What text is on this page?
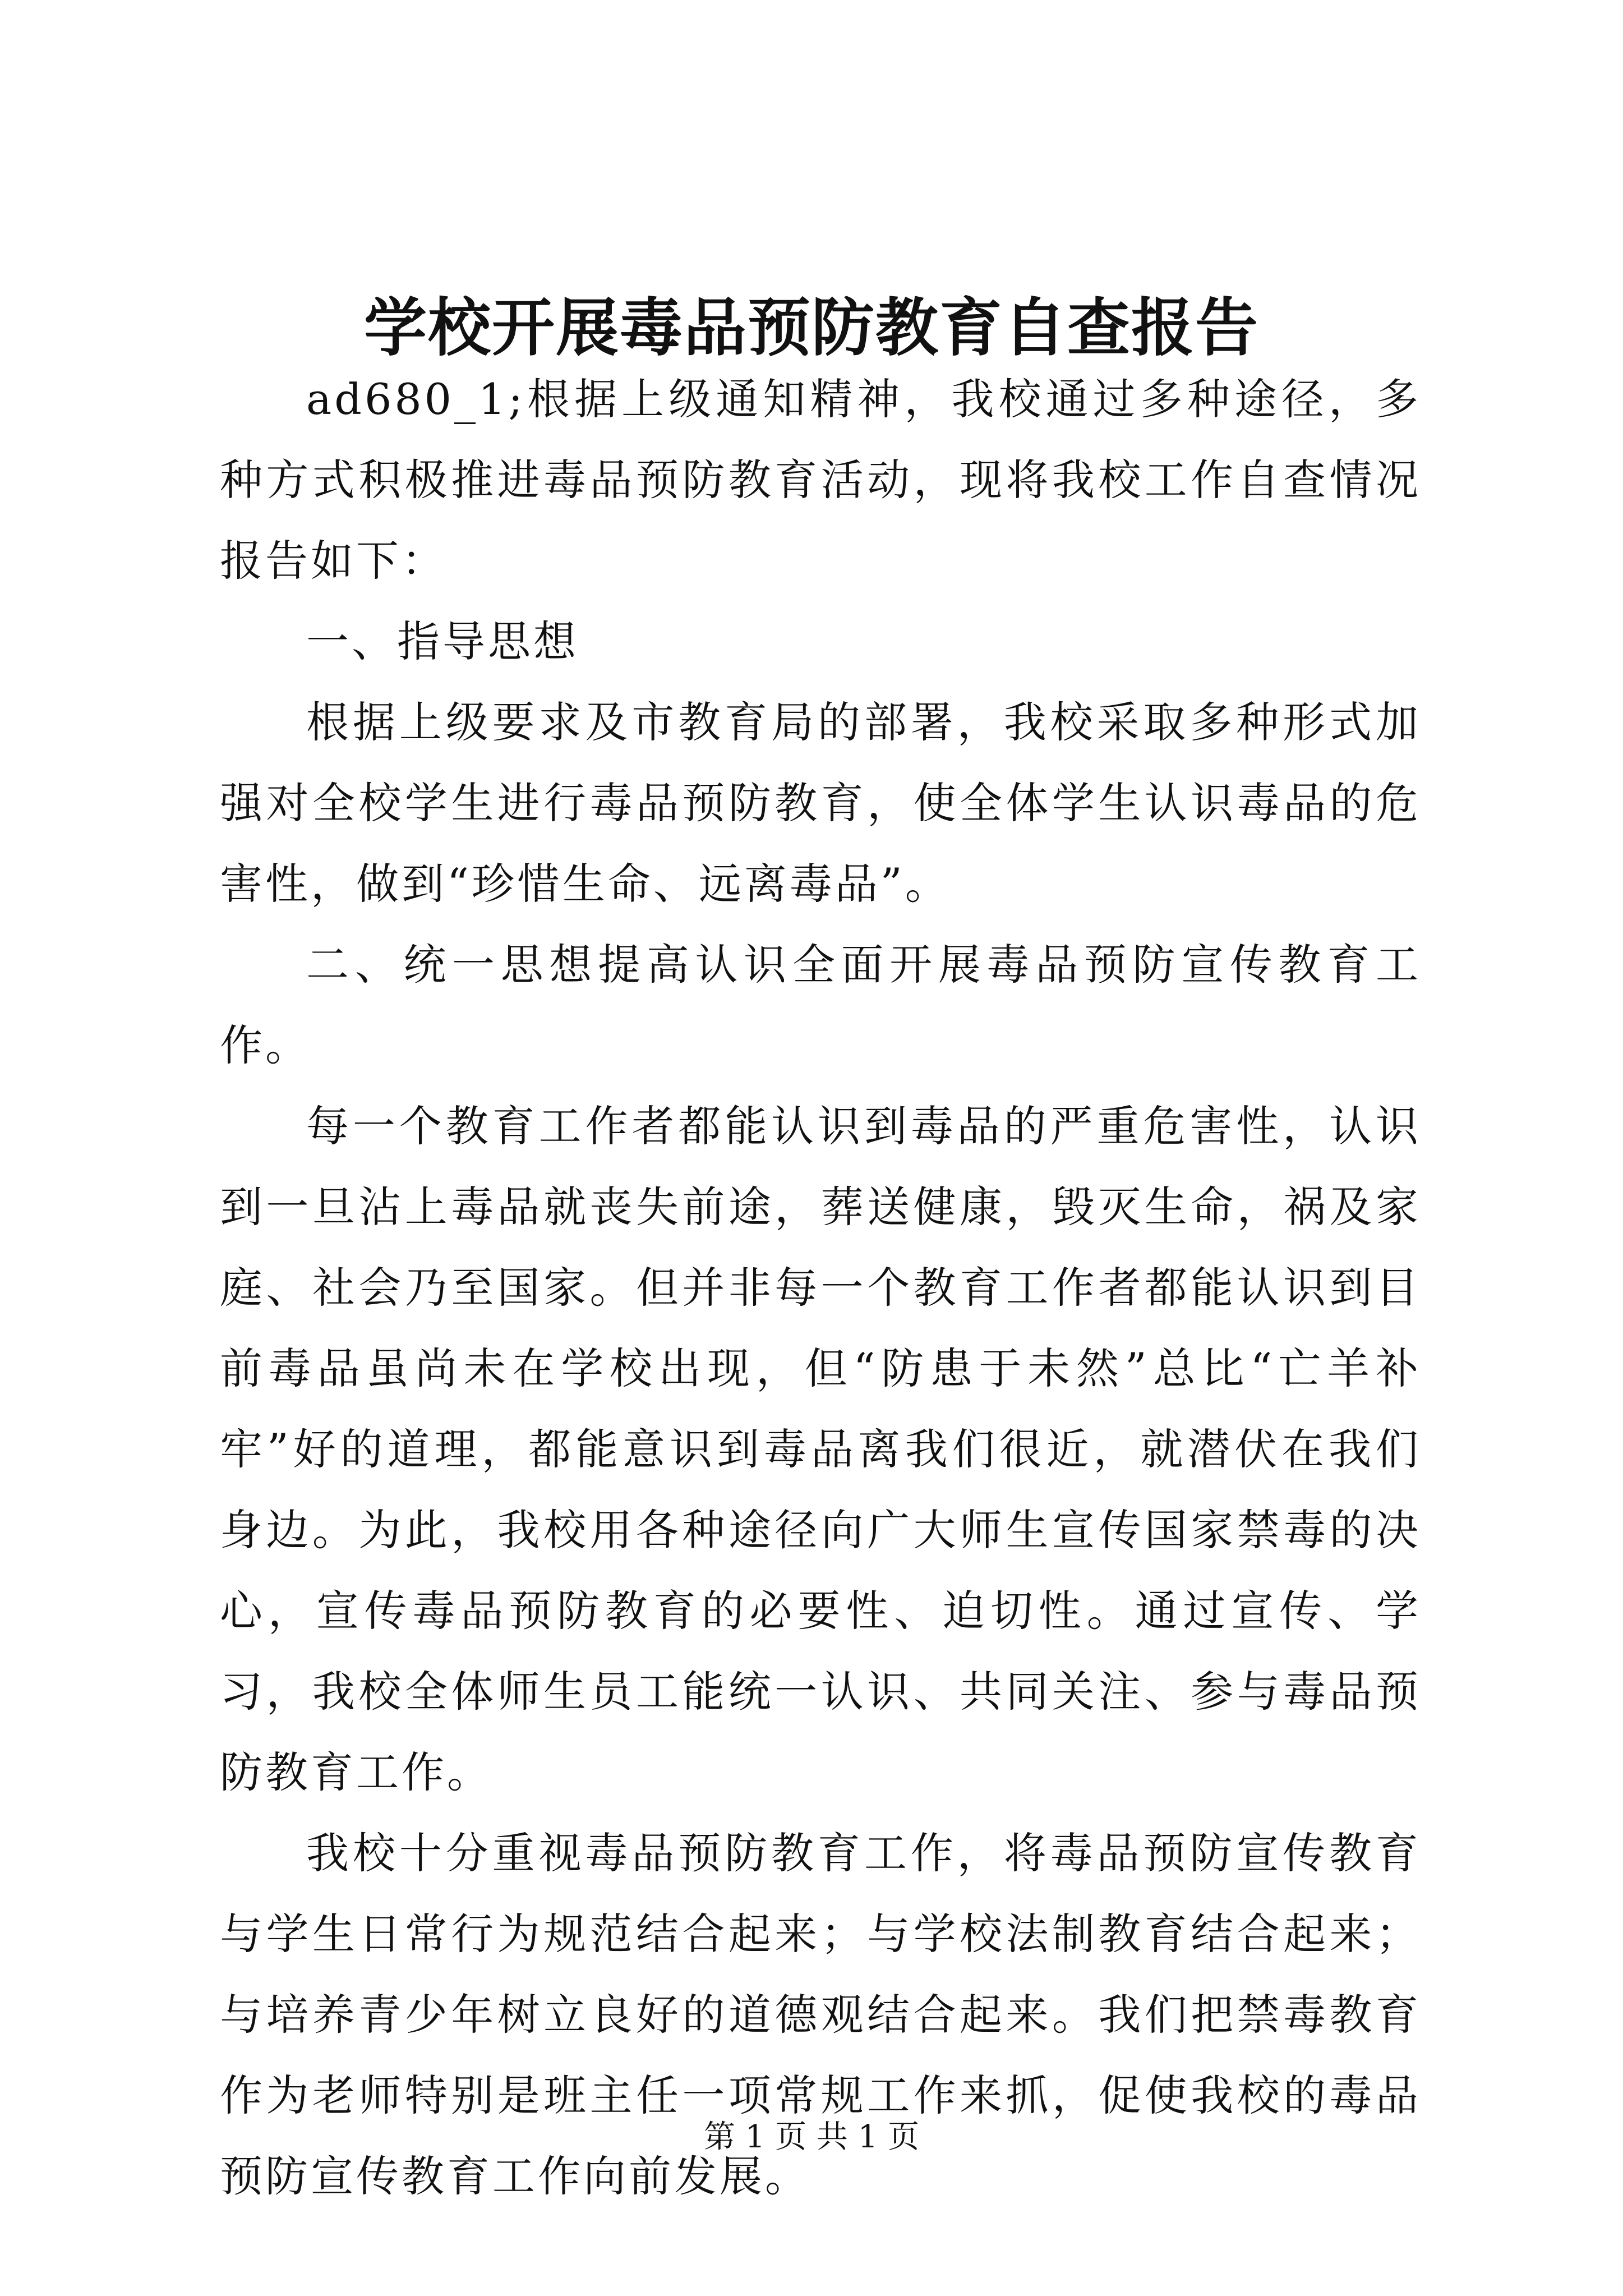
学校开展毒品预防教育自查报告

ad680_1;根据上级通知精神，我校通过多种途径，多种方式积极推进毒品预防教育活动，现将我校工作自查情况报告如下：

一、指导思想

根据上级要求及市教育局的部署，我校采取多种形式加强对全校学生进行毒品预防教育，使全体学生认识毒品的危害性，做到“珍惜生命、远离毒品”。

二、统一思想提高认识全面开展毒品预防宣传教育工作。

每一个教育工作者都能认识到毒品的严重危害性，认识到一旦沾上毒品就丧失前途，葬送健康，毁灭生命，祸及家庭、社会乃至国家。但并非每一个教育工作者都能认识到目前毒品虽尚未在学校出现，但“防患于未然”总比“亡羊补牢”好的道理，都能意识到毒品离我们很近，就潜伏在我们身边。为此，我校用各种途径向广大师生宣传国家禁毒的决心，宣传毒品预防教育的必要性、迫切性。通过宣传、学习，我校全体师生员工能统一认识、共同关注、参与毒品预防教育工作。

我校十分重视毒品预防教育工作，将毒品预防宣传教育与学生日常行为规范结合起来；与学校法制教育结合起来；与培养青少年树立良好的道德观结合起来。我们把禁毒教育作为老师特别是班主任一项常规工作来抓，促使我校的毒品预防宣传教育工作向前发展。

第 1 页 共 1 页
